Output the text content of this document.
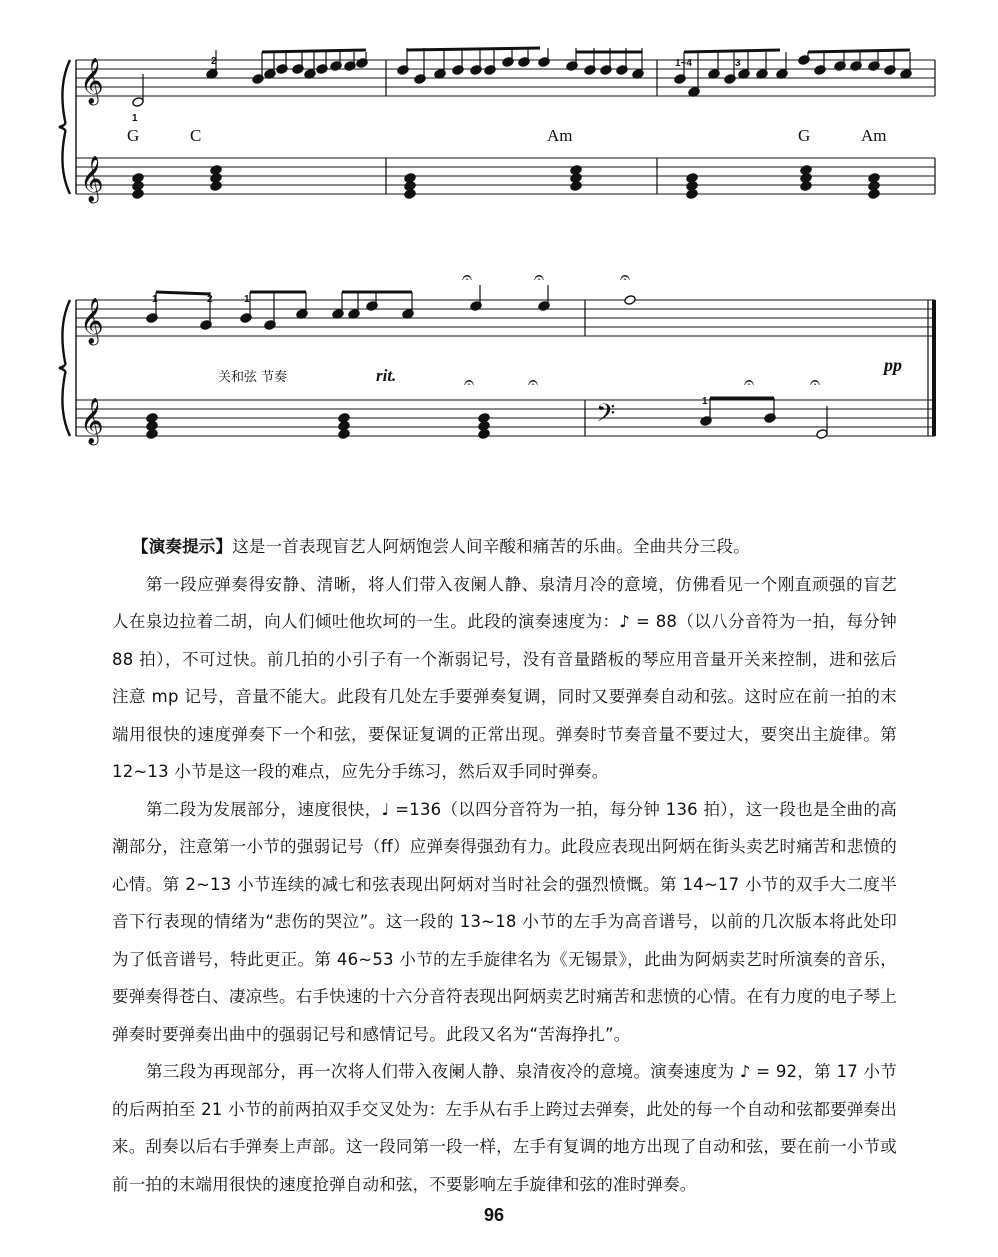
𝄞
𝄞
𝄞
𝄞	𝄢
𝄐	𝄐	𝄐
𝄐	𝄐	𝄐	𝄐
G	C	Am	G	Am
1
2	1~4	3
1	2	1
1
关和弦 节奏	rit.
pp

【演奏提示】这是一首表现盲艺人阿炳饱尝人间辛酸和痛苦的乐曲。全曲共分三段。

第一段应弹奏得安静、清晰，将人们带入夜阑人静、泉清月冷的意境，仿佛看见一个刚直顽强的盲艺人在泉边拉着二胡，向人们倾吐他坎坷的一生。此段的演奏速度为：♪ = 88（以八分音符为一拍，每分钟 88 拍），不可过快。前几拍的小引子有一个渐弱记号，没有音量踏板的琴应用音量开关来控制，进和弦后注意 mp 记号，音量不能大。此段有几处左手要弹奏复调，同时又要弹奏自动和弦。这时应在前一拍的末端用很快的速度弹奏下一个和弦，要保证复调的正常出现。弹奏时节奏音量不要过大，要突出主旋律。第 12~13 小节是这一段的难点，应先分手练习，然后双手同时弹奏。

第二段为发展部分，速度很快，♩ =136（以四分音符为一拍，每分钟 136 拍），这一段也是全曲的高潮部分，注意第一小节的强弱记号（ff）应弹奏得强劲有力。此段应表现出阿炳在街头卖艺时痛苦和悲愤的心情。第 2~13 小节连续的减七和弦表现出阿炳对当时社会的强烈愤慨。第 14~17 小节的双手大二度半音下行表现的情绪为“悲伤的哭泣”。这一段的 13~18 小节的左手为高音谱号，以前的几次版本将此处印为了低音谱号，特此更正。第 46~53 小节的左手旋律名为《无锡景》，此曲为阿炳卖艺时所演奏的音乐，要弹奏得苍白、凄凉些。右手快速的十六分音符表现出阿炳卖艺时痛苦和悲愤的心情。在有力度的电子琴上弹奏时要弹奏出曲中的强弱记号和感情记号。此段又名为“苦海挣扎”。

第三段为再现部分，再一次将人们带入夜阑人静、泉清夜冷的意境。演奏速度为 ♪ = 92，第 17 小节的后两拍至 21 小节的前两拍双手交叉处为：左手从右手上跨过去弹奏，此处的每一个自动和弦都要弹奏出来。刮奏以后右手弹奏上声部。这一段同第一段一样，左手有复调的地方出现了自动和弦，要在前一小节或前一拍的末端用很快的速度抢弹自动和弦，不要影响左手旋律和弦的准时弹奏。

96
